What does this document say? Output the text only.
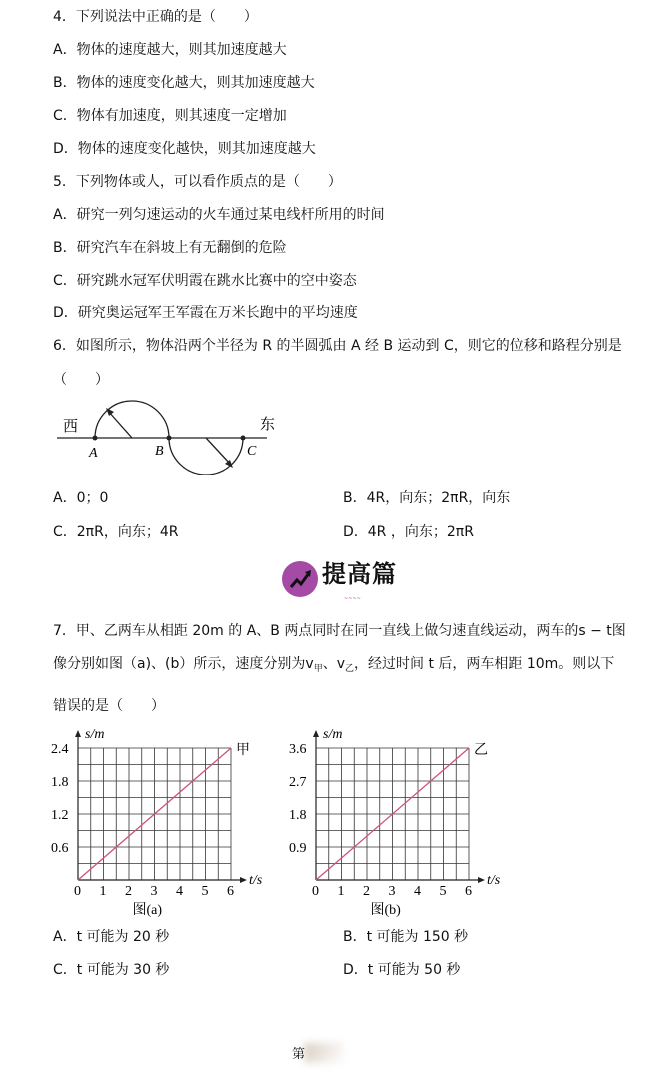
4．下列说法中正确的是（　　）
A．物体的速度越大，则其加速度越大
B．物体的速度变化越大，则其加速度越大
C．物体有加速度，则其速度一定增加
D．物体的速度变化越快，则其加速度越大
5．下列物体或人，可以看作质点的是（　　）
A．研究一列匀速运动的火车通过某电线杆所用的时间
B．研究汽车在斜坡上有无翻倒的危险
C．研究跳水冠军伏明霞在跳水比赛中的空中姿态
D．研究奥运冠军王军霞在万米长跑中的平均速度
6．如图所示，物体沿两个半径为 R 的半圆弧由 A 经 B 运动到 C，则它的位移和路程分别是
（　　）
西	东
A	B	C
A．0；0	B．4R，向东；2πR，向东
C．2πR，向东；4R	D．4R ，向东；2πR
提高篇
~~~~
7．甲、乙两车从相距 20m 的 A、B 两点同时在同一直线上做匀速直线运动，两车的s − t图
像分别如图（a)、(b）所示，速度分别为v甲、v乙，经过时间 t 后，两车相距 10m。则以下
错误的是（　　）
0 1 2 3 4 5 6
0.6
1.2
1.8
2.4
t/s
s/m
甲
图(a)
0 1 2 3 4 5 6
0.9
1.8
2.7
3.6
t/s
s/m
乙
图(b)
A．t 可能为 20 秒	B．t 可能为 150 秒
C．t 可能为 30 秒	D．t 可能为 50 秒
第
